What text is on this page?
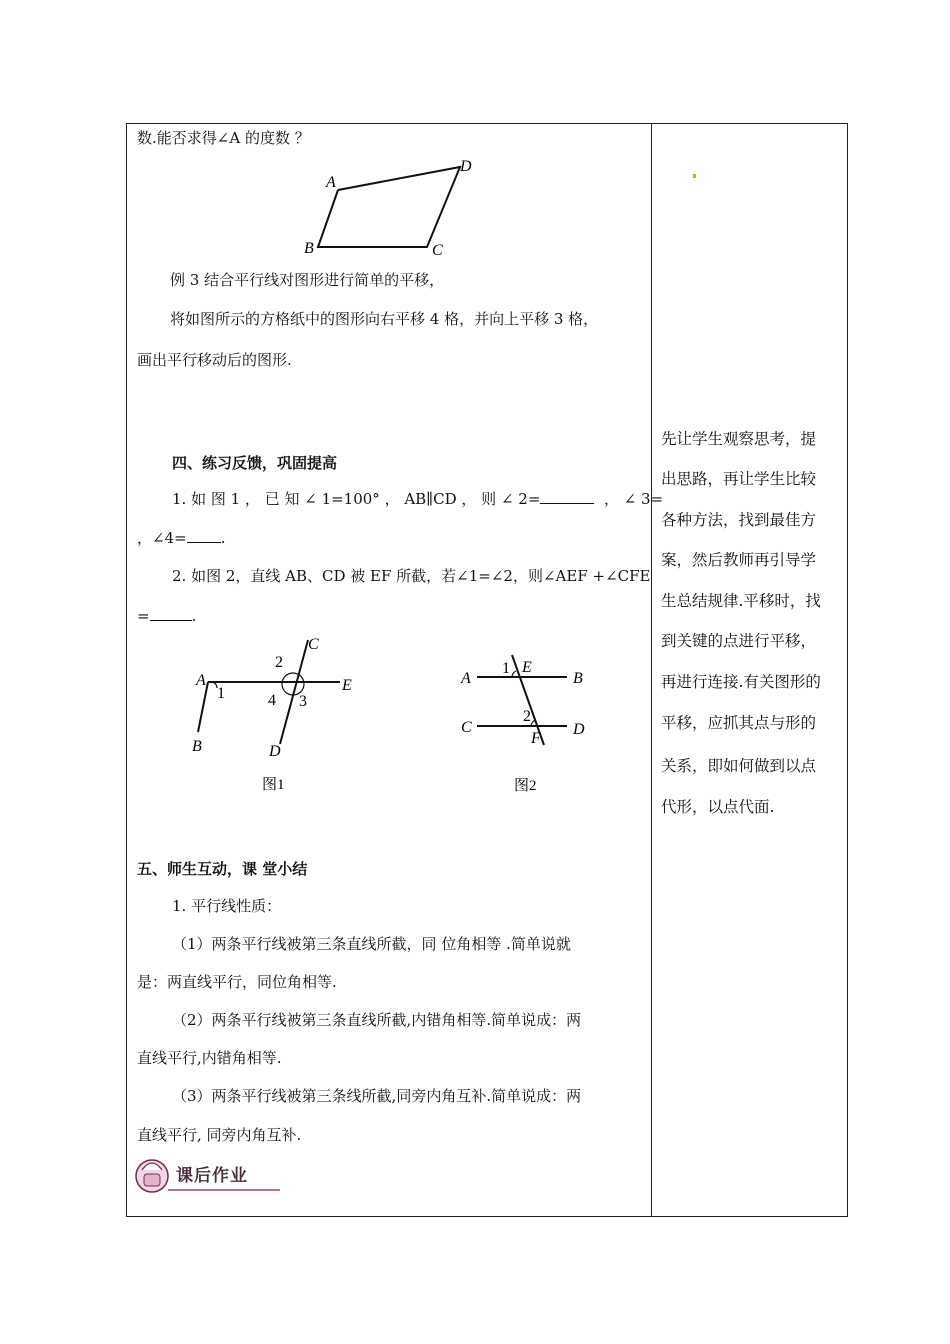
数.能否求得∠A 的度数 ？
A
D
B	C
例 3 结合平行线对图形进行简单的平移，
将如图所示的方格纸中的图形向右平移 4 格，并向上平移 3 格，
画出平行移动后的图形.
四、练习反馈，巩固提高
1. 如 图 1 ， 已 知 ∠ 1=100° ， AB∥CD ， 则 ∠ 2=	， ∠ 3=
，∠4= .
2. 如图 2，直线 AB、CD 被 EF 所截，若∠1=∠2，则∠AEF +∠CFE
=	.
C
2
A
1	4 3
E
B	D
图1
1 E
A	B
2
C	D
F
图2
五、师生互动，课 堂小结
1. 平行线性质：
（1）两条平行线被第三条直线所截，同 位角相等 .简单说就
是：两直线平行，同位角相等.
（2）两条平行线被第三条直线所截,内错角相等.简单说成：两
直线平行,内错角相等.
（3）两条平行线被第三条线所截,同旁内角互补.简单说成：两
直线平行, 同旁内角互补.
课后作业
先让学生观察思考，提
出思路，再让学生比较
各种方法，找到最佳方
案，然后教师再引导学
生总结规律.平移时，找
到关键的点进行平移，
再进行连接.有关图形的
平移，应抓其点与形的
关系，即如何做到以点
代形，以点代面.
